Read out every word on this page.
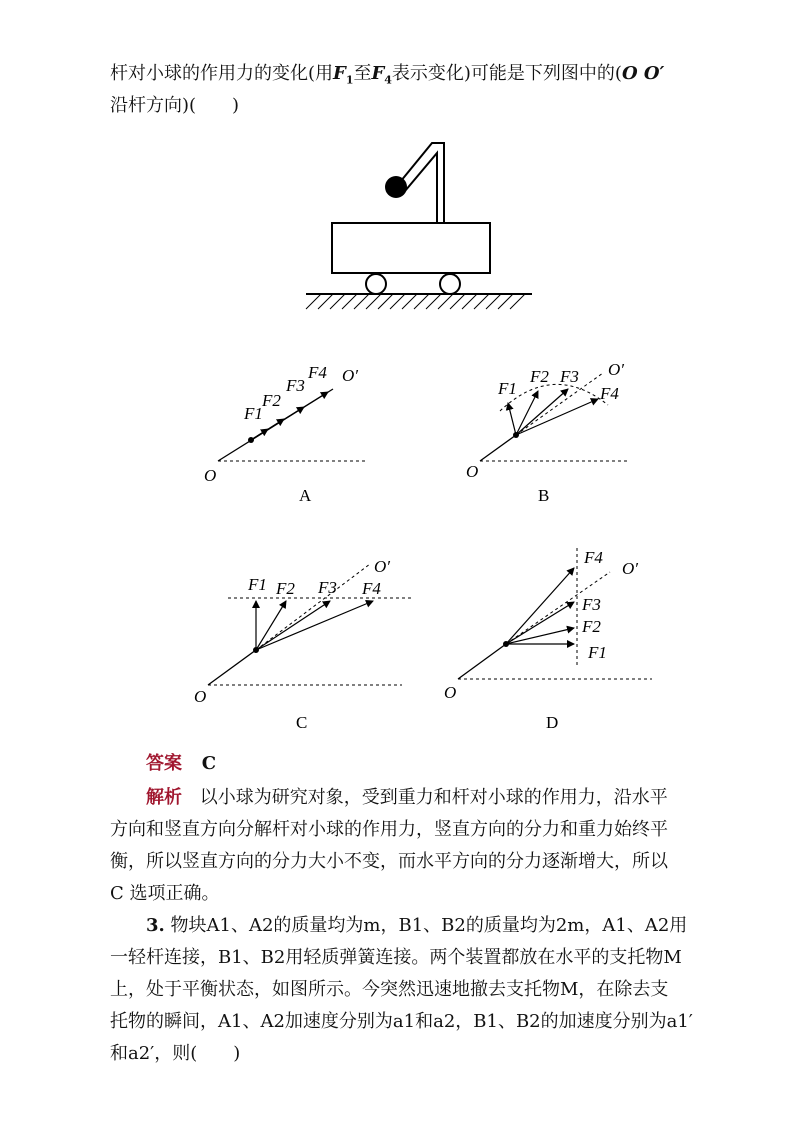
杆对小球的作用力的变化(用$F_1$至$F_4$表示变化)可能是下列图中的(O O′
沿杆方向)(　　)
F1
F2
F3
F4 O′
O
A
F1
F2 F3
F4
O′
O
B
F1 F2 F3 F4
O′
O
C
F4
F3
F2
F1
O′
O
D
答案 C
解析 以小球为研究对象，受到重力和杆对小球的作用力，沿水平
方向和竖直方向分解杆对小球的作用力，竖直方向的分力和重力始终平
衡，所以竖直方向的分力大小不变，而水平方向的分力逐渐增大，所以
C 选项正确。
3. 物块A1、A2的质量均为m，B1、B2的质量均为2m，A1、A2用
一轻杆连接，B1、B2用轻质弹簧连接。两个装置都放在水平的支托物M
上，处于平衡状态，如图所示。今突然迅速地撤去支托物M，在除去支
托物的瞬间，A1、A2加速度分别为a1和a2，B1、B2的加速度分别为a1′
和a2′，则(　　)
